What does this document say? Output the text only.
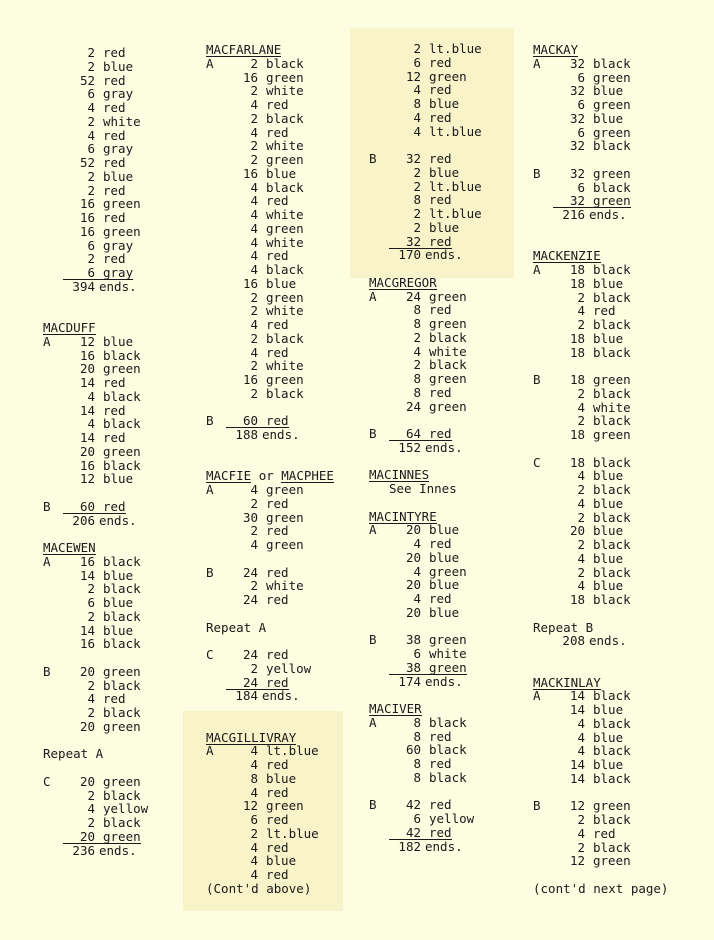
2 red
2 blue
52 red
6 gray
4 red
2 white
4 red
6 gray
52 red
2 blue
2 red
16 green
16 red
16 green
6 gray
2 red
6 gray
394 ends.
MACDUFF
A 12 blue
16 black
20 green
14 red
4 black
14 red
4 black
14 red
20 green
16 black
12 blue
B 60 red
206 ends.
MACEWEN
A 16 black
14 blue
2 black
6 blue
2 black
14 blue
16 black
B 20 green
2 black
4 red
2 black
20 green
Repeat A
C 20 green
2 black
4 yellow
2 black
20 green
236 ends.
MACFARLANE
A	2 black
16 green
2 white
4 red
2 black
4 red
2 white
2 green
16 blue
4 black
4 red
4 white
4 green
4 white
4 red
4 black
16 blue
2 green
2 white
4 red
2 black
4 red
2 white
16 green
2 black
B 60 red
188 ends.
MACFIE or MACPHEE
A	4 green
2 red
30 green
2 red
4 green
B 24 red
2 white
24 red
Repeat A
C 24 red
2 yellow
24 red
184 ends.
MACGILLIVRAY
A	4 lt.blue
4 red
8 blue
4 red
12 green
6 red
2 lt.blue
4 red
4 blue
4 red
(Cont'd above)
2 lt.blue
6 red
12 green
4 red
8 blue
4 red
4 lt.blue
B 32 red
2 blue
2 lt.blue
8 red
2 lt.blue
2 blue
32 red
170 ends.
MACGREGOR
A 24 green
8 red
8 green
2 black
4 white
2 black
8 green
8 red
24 green
B 64 red
152 ends.
MACINNES
See Innes
MACINTYRE
A 20 blue
4 red
20 blue
4 green
20 blue
4 red
20 blue
B 38 green
6 white
38 green
174 ends.
MACIVER
A	8 black
8 red
60 black
8 red
8 black
B 42 red
6 yellow
42 red
182 ends.
MACKAY
A 32 black
6 green
32 blue
6 green
32 blue
6 green
32 black
B 32 green
6 black
32 green
216 ends.
MACKENZIE
A 18 black
18 blue
2 black
4 red
2 black
18 blue
18 black
B 18 green
2 black
4 white
2 black
18 green
C 18 black
4 blue
2 black
4 blue
2 black
20 blue
2 black
4 blue
2 black
4 blue
18 black
Repeat B
208 ends.
MACKINLAY
A 14 black
14 blue
4 black
4 blue
4 black
14 blue
14 black
B 12 green
2 black
4 red
2 black
12 green
(cont'd next page)
